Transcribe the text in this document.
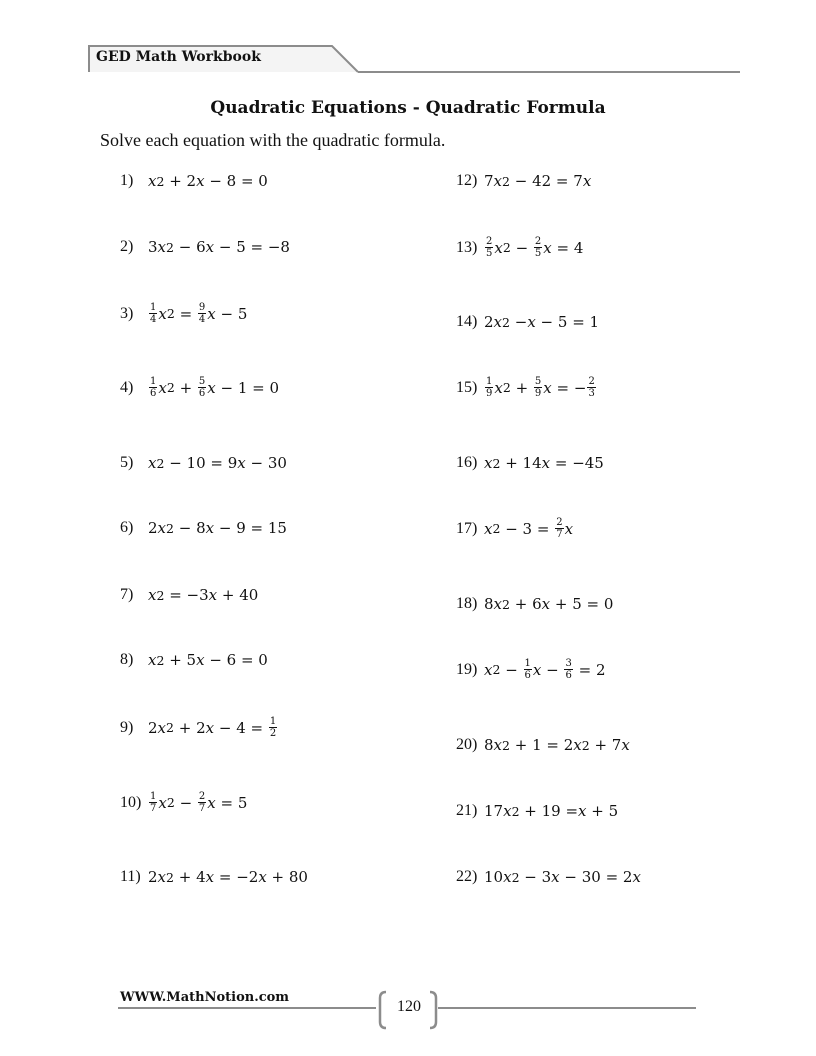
GED Math Workbook
Quadratic Equations - Quadratic Formula
Solve each equation with the quadratic formula.
1) x 2 + 2 x − 8 = 0
2) 3 x 2 − 6 x − 5 = −8
3)	$\frac{1}{4}$ x $2 = \frac{9}{4}$ x − 5
4)	$\frac{1}{6}$ x $2 + \frac{5}{6}$ x − 1 = 0
5) x 2 − 10 = 9 x − 30
6) 2 x 2 − 8 x − 9 = 15
7) x 2 = −3 x + 40
8) x 2 + 5 x − 6 = 0
9) 2 x 2 + 2 $x - 4 = \frac{1}{2}$
$10) \frac{1}{7}$ x $2 - \frac{2}{7}$ x = 5
11) 2 x 2 + 4 x = −2 x + 80
12) 7 x 2 − 42 = 7 x
$13) \frac{2}{5}$ x $2 - \frac{2}{5}$ x = 4
14) 2 x 2 − x − 5 = 1
$15) \frac{1}{9}$ x $2 + \frac{5}{9}$ x = − $\frac{2}{3}$
16) x 2 + 14 x = −45
17) x $2 - 3 = \frac{2}{7}$ x
18) 8 x 2 + 6 x + 5 = 0
19) x $2 - \frac{1}{6}$ $x - \frac{3}{6} = 2$
20) 8 x 2 + 1 = 2 x 2 + 7 x
21) 17 x 2 + 19 = x + 5
22) 10 x 2 − 3 x − 30 = 2 x
WWW.MathNotion.com
120
